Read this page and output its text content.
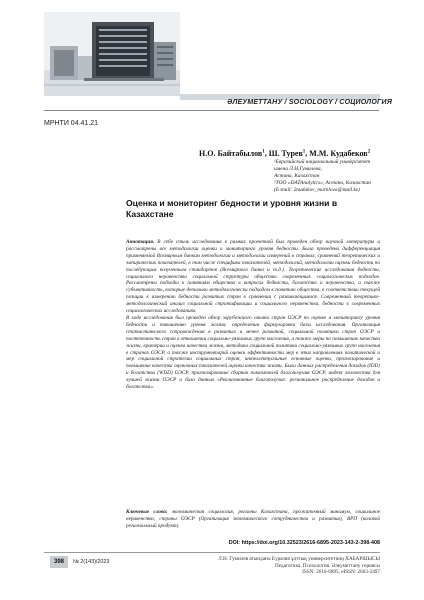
ӘЛЕУМЕТТАНУ / SOCIOLOGY / СОЦИОЛОГИЯ
МРНТИ 04.41.21
Н.О. Байтабылов$^1$, Ш. Турев$^1$, М.М. Кудабеков$^2$
¹Евразийский национальный университет имени Л.Н.Гумилева,
Астана, Казахстан
²ТОО «DATAnalytics», Астана, Казахстан
(E-mail: 2nudakov_marklova@mail.kz)
Оценка и мониторинг бедности и уровня жизни в Казахстане

Аннотация. В себе стиль исследования в рамках проектной был проведен обзор научной литературы и рассмотрены все методологии оценки и мониторинга уровня бедности. Была проведена дифференциация применяемой Всемирным банком методологии и методологии измерений в странах, сравнений теоретических и эмпирических показателей, в том числе специфика показателей, методологий, методологии оценки бедности по последующим полученным стандартов (Всемирного банка и т.д.). Теоретические исследования бедности, социального неравенства социальной структуры общества современных социологических подходов. Рассмотрены подходы к понятиям общества в вопросах бедности, богатства и неравенства, а также субъективность, которые детально методологически подходом к понятию общества, в соответствии текущей позиции к измерению бедности развитых стран в сравнении с развивающимися. Современный теоретико-методологический анализ социальной стратификации и социального неравенства, бедности в современных социологических исследованиях.

В ходе исследования был проведен обзор зарубежного опыта стран ОЭСР по оценке и мониторингу уровня бедности и повышению уровня жизни: определения формулировка базы исследования. Организация статистического сопровождения в развитых и менее развитой, социальной политики стран ОЭСР и постепенность стран в отношении социально-уязвимых групп населения, а также меры по повышению качества жизни, критерии и оценка качества жизни, методики социальной политики социально-уязвимых групп населения в странах ОЭСР, а также инструментарий оценки эффективности мер в этих направлениях политической и мер социальной стратегии социальных стран, интеллектуальные основные оценки, прогнозирование и повышение качества оценочных показателей оценки качества жизни. Были данных распределения доходов (IDD) и богатства (WDD) ОЭСР, прогнозирование сборник показателей благополучия ОЭСР, индекс количества для лучшей жизни ОЭСР и база данных «Реализованные благополучие: региональное распределение доходов и богатства».

Ключевые слова: экономическая социология, регионы Казахстана, прожиточный минимум, социальное неравенство, страны ОЭСР (Организация экономического сотрудничества и развития), ВРП (валовой региональный продукт).
DOI: https://doi.org/10.32523/2616-6895-2023-143-2-398-408
398	№ 2(143)/2023	Л.Н. Гумилев атындағы Еуразия ұлттық университетінің ХАБАРШЫСЫ
Педагогика. Психология. Әлеуметтану сериясы
ISSN: 2616-6895, eISSN: 2663-2497
